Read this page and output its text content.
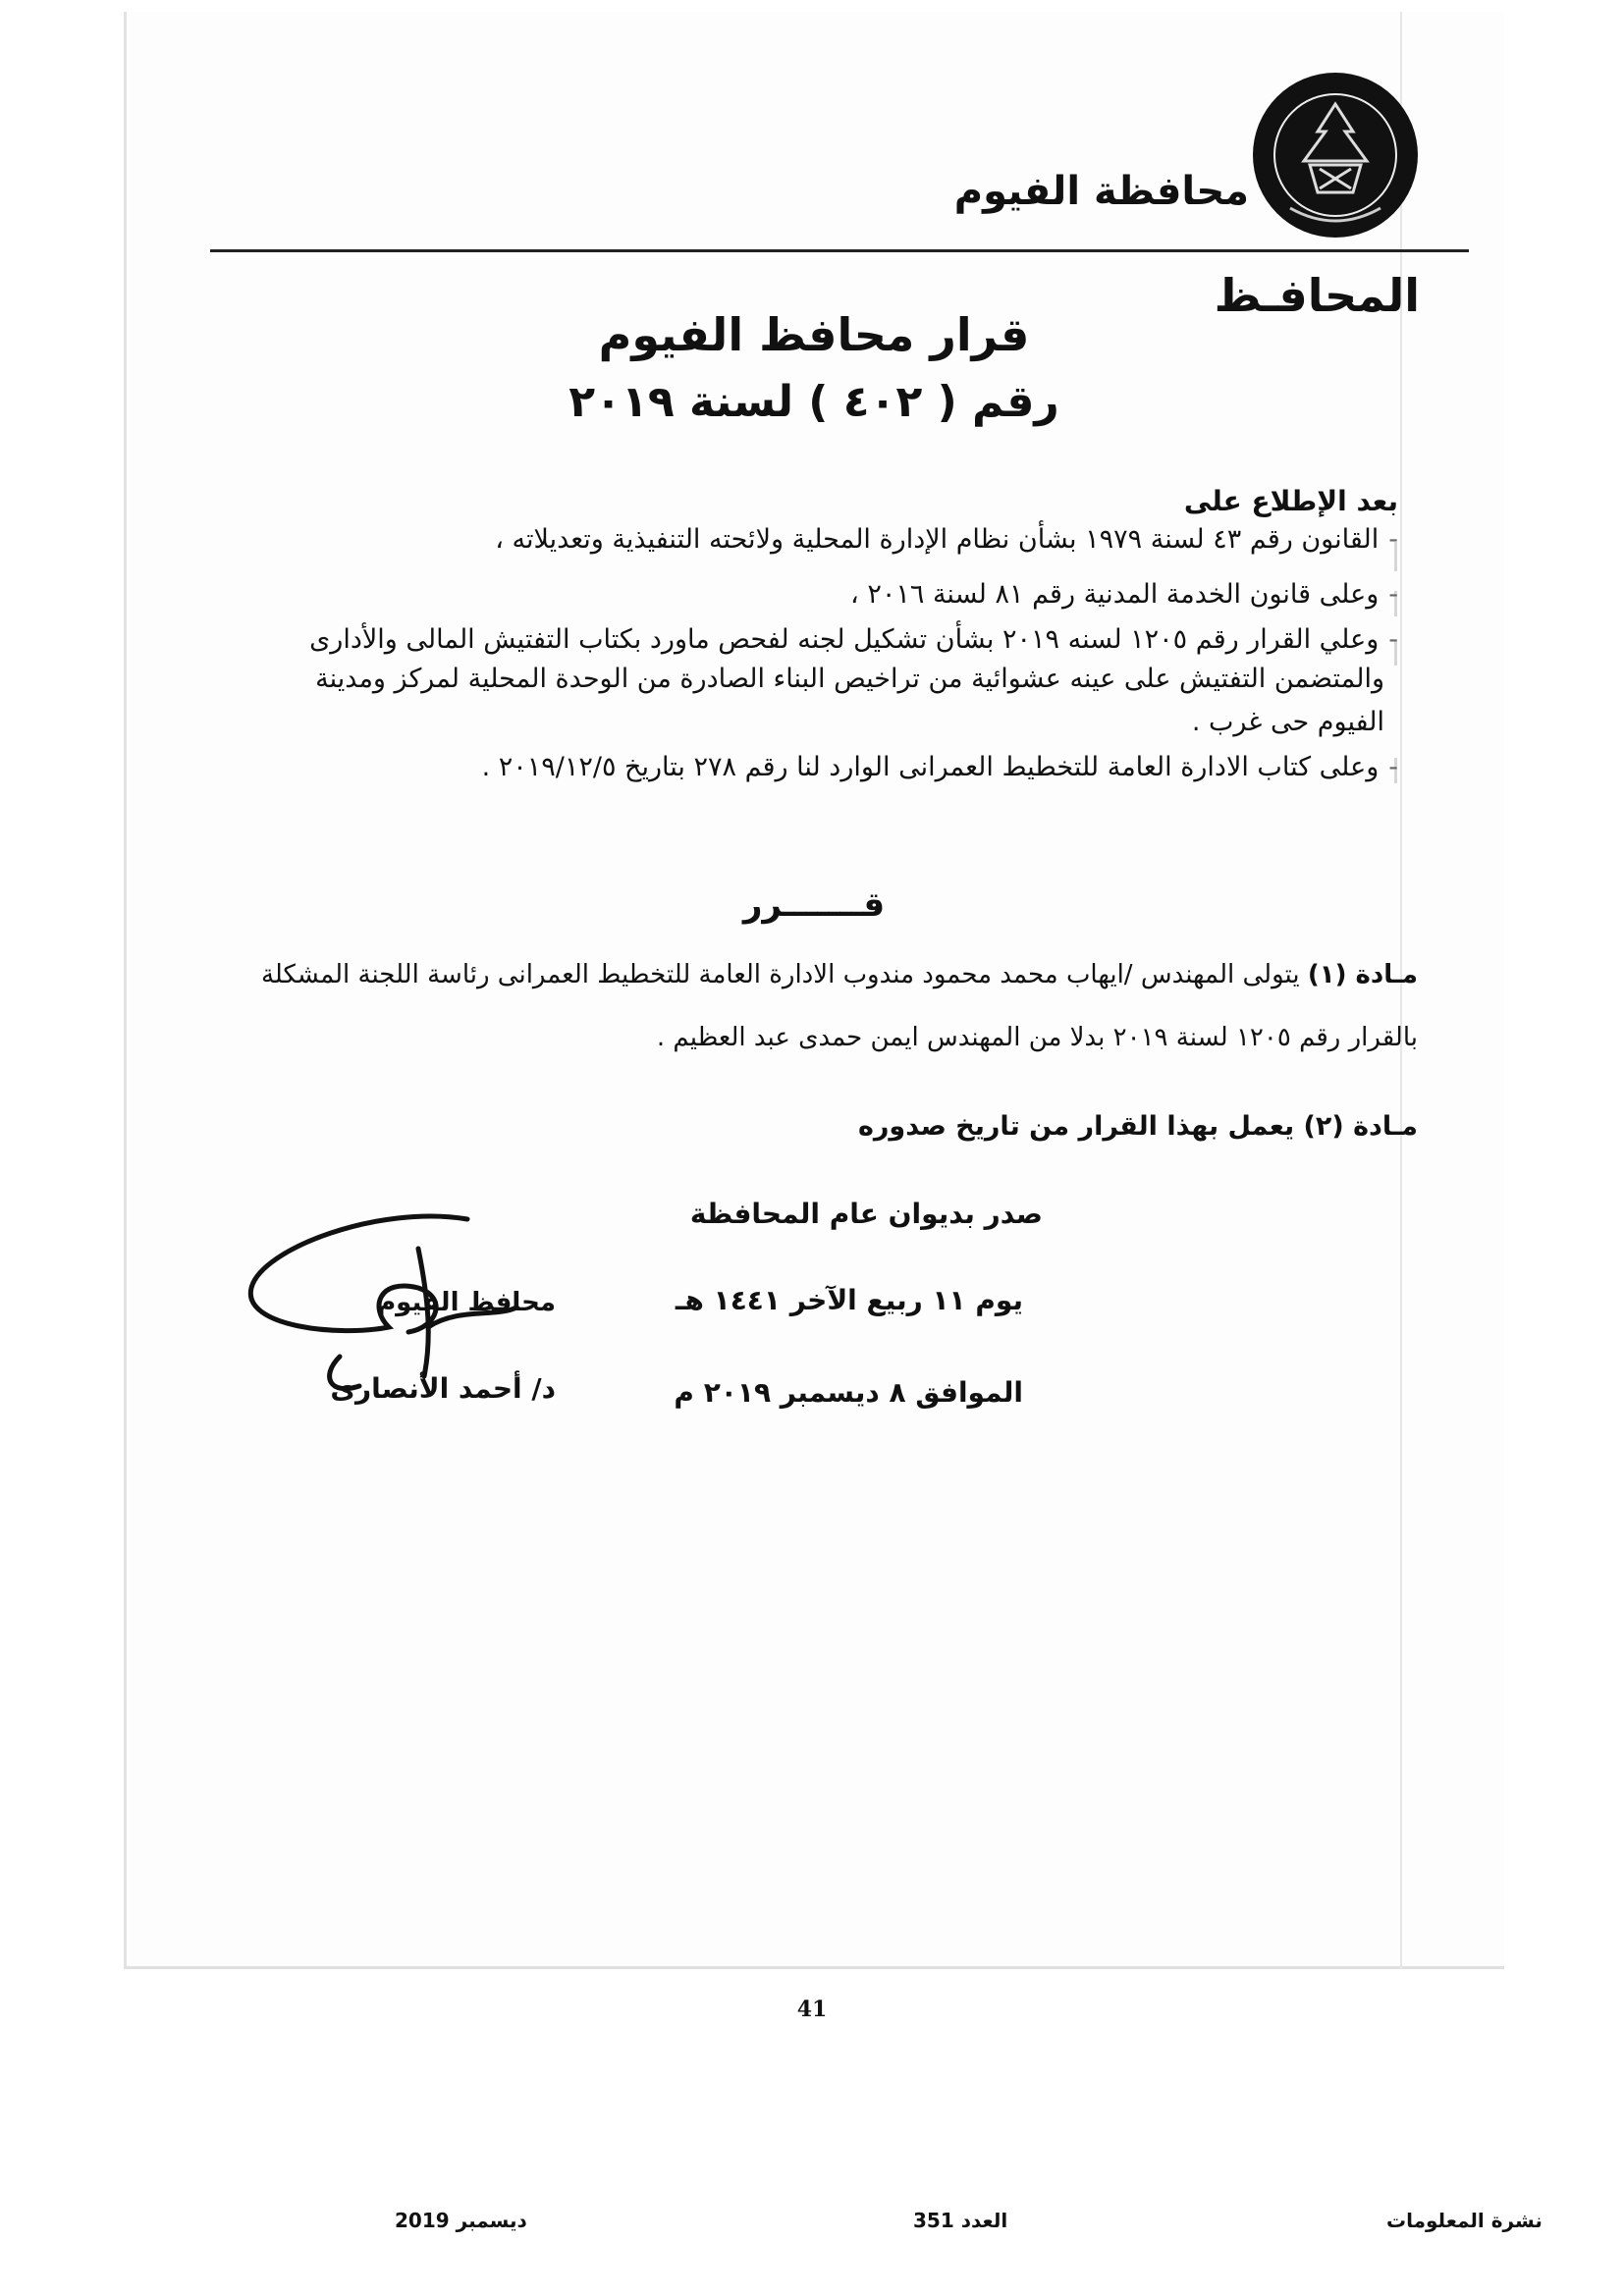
محافظة الفيوم
المحافـظ
قرار محافظ الفيوم
رقم ( ٤٠٢ ) لسنة ٢٠١٩
بعد الإطلاع على
-القانون رقم ٤٣ لسنة ١٩٧٩ بشأن نظام الإدارة المحلية ولائحته التنفيذية وتعديلاته ،
-وعلى قانون الخدمة المدنية رقم ٨١ لسنة ٢٠١٦ ،
-وعلي القرار رقم ١٢٠٥ لسنه ٢٠١٩ بشأن تشكيل لجنه لفحص ماورد بكتاب التفتيش المالى والأدارى
والمتضمن التفتيش على عينه عشوائية من تراخيص البناء الصادرة من الوحدة المحلية لمركز ومدينة
الفيوم حى غرب .
-وعلى كتاب الادارة العامة للتخطيط العمرانى الوارد لنا رقم ٢٧٨ بتاريخ ٢٠١٩/١٢/٥ .
قـــــــرر
مـادة (١) يتولى المهندس /ايهاب محمد محمود مندوب الادارة العامة للتخطيط العمرانى رئاسة اللجنة المشكلة
بالقرار رقم ١٢٠٥ لسنة ٢٠١٩ بدلا من المهندس ايمن حمدى عبد العظيم .
مـادة (٢) يعمل بهذا القرار من تاريخ صدوره
صدر بديوان عام المحافظة
يوم ١١ ربيع الآخر ١٤٤١ هـ
الموافق ٨ ديسمبر ٢٠١٩ م
محافظ الفيوم
د/ أحمد الأنصارى
41
ديسمبر 2019	العدد 351	نشرة المعلومات
